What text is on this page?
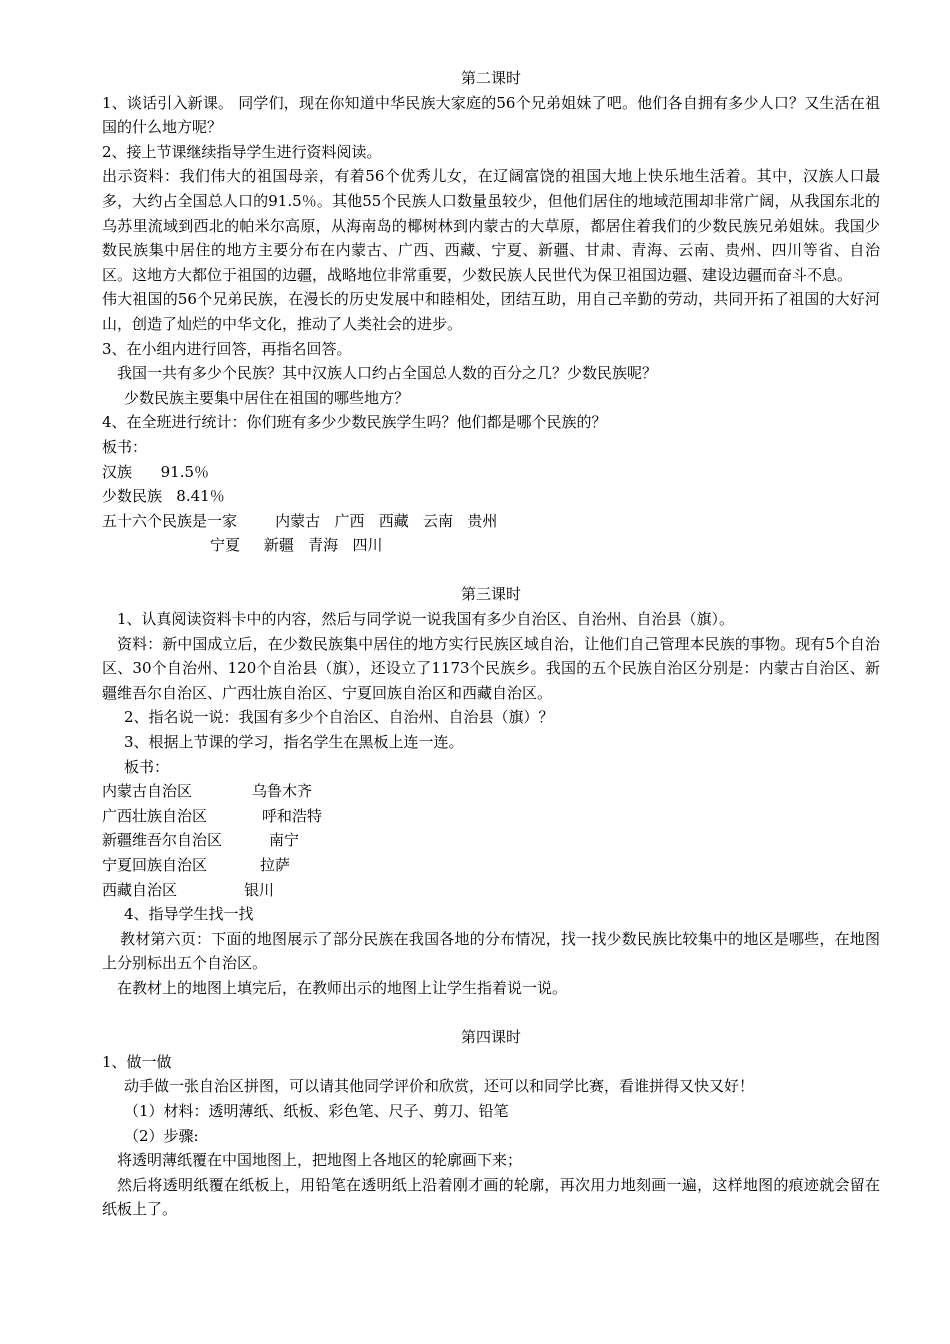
第二课时

1、谈话引入新课。 同学们，现在你知道中华民族大家庭的56个兄弟姐妹了吧。他们各自拥有多少人口？又生活在祖国的什么地方呢？

2、接上节课继续指导学生进行资料阅读。

出示资料：我们伟大的祖国母亲，有着56个优秀儿女，在辽阔富饶的祖国大地上快乐地生活着。其中，汉族人口最多，大约占全国总人口的91.5％。其他55个民族人口数量虽较少，但他们居住的地域范围却非常广阔，从我国东北的乌苏里流域到西北的帕米尔高原，从海南岛的椰树林到内蒙古的大草原，都居住着我们的少数民族兄弟姐妹。我国少数民族集中居住的地方主要分布在内蒙古、广西、西藏、宁夏、新疆、甘肃、青海、云南、贵州、四川等省、自治区。这地方大都位于祖国的边疆，战略地位非常重要，少数民族人民世代为保卫祖国边疆、建设边疆而奋斗不息。

伟大祖国的56个兄弟民族，在漫长的历史发展中和睦相处，团结互助，用自己辛勤的劳动，共同开拓了祖国的大好河山，创造了灿烂的中华文化，推动了人类社会的进步。

3、在小组内进行回答，再指名回答。

我国一共有多少个民族？其中汉族人口约占全国总人数的百分之几？少数民族呢？

少数民族主要集中居住在祖国的哪些地方？

4、在全班进行统计：你们班有多少少数民族学生吗？他们都是哪个民族的？

板书：

汉族      91.5％

少数民族   8.41％

五十六个民族是一家        内蒙古   广西   西藏   云南   贵州

宁夏     新疆   青海   四川

第三课时

1、认真阅读资料卡中的内容，然后与同学说一说我国有多少自治区、自治州、自治县（旗）。

资料：新中国成立后，在少数民族集中居住的地方实行民族区域自治，让他们自己管理本民族的事物。现有5个自治区、30个自治州、120个自治县（旗），还设立了1173个民族乡。我国的五个民族自治区分别是：内蒙古自治区、新疆维吾尔自治区、广西壮族自治区、宁夏回族自治区和西藏自治区。

2、指名说一说：我国有多少个自治区、自治州、自治县（旗）？

3、根据上节课的学习，指名学生在黑板上连一连。

板书：

内蒙古自治区	乌鲁木齐
广西壮族自治区	呼和浩特
新疆维吾尔自治区	南宁
宁夏回族自治区	拉萨
西藏自治区	银川

4、指导学生找一找

教材第六页：下面的地图展示了部分民族在我国各地的分布情况，找一找少数民族比较集中的地区是哪些，在地图上分别标出五个自治区。

在教材上的地图上填完后，在教师出示的地图上让学生指着说一说。

第四课时

1、做一做

动手做一张自治区拼图，可以请其他同学评价和欣赏，还可以和同学比赛，看谁拼得又快又好！

（1）材料：透明薄纸、纸板、彩色笔、尺子、剪刀、铅笔

（2）步骤:

将透明薄纸覆在中国地图上，把地图上各地区的轮廓画下来；

然后将透明纸覆在纸板上，用铅笔在透明纸上沿着刚才画的轮廓，再次用力地刻画一遍，这样地图的痕迹就会留在纸板上了。
